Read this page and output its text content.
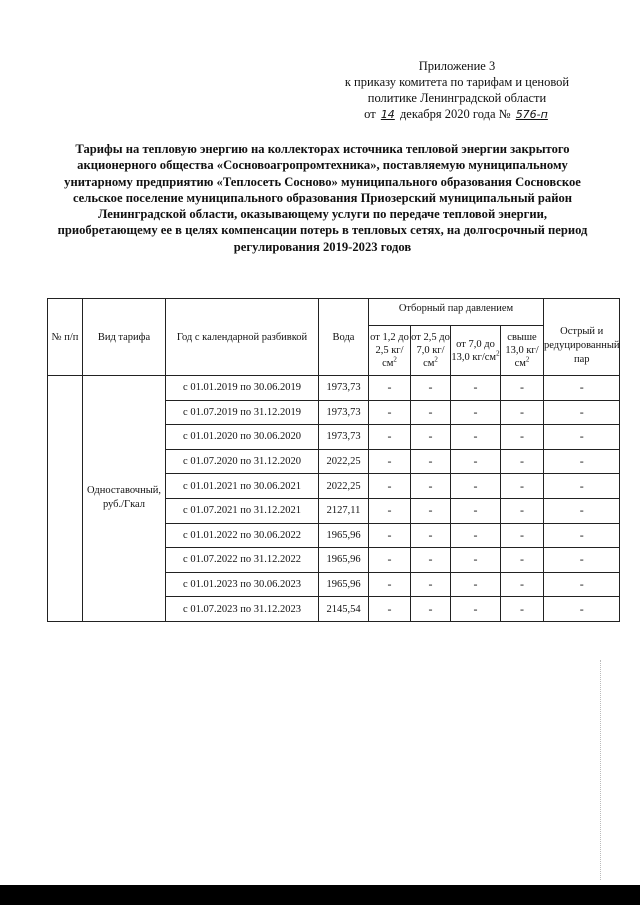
Приложение 3
к приказу комитета по тарифам и ценовой
политике Ленинградской области
от 14 декабря 2020 года № 576-п
Тарифы на тепловую энергию на коллекторах источника тепловой энергии закрытого
акционерного общества «Сосновоагропромтехника», поставляемую муниципальному
унитарному предприятию «Теплосеть Сосново» муниципального образования Сосновское
сельское поселение муниципального образования Приозерский муниципальный район
Ленинградской области, оказывающему услуги по передаче тепловой энергии,
приобретающему ее в целях компенсации потерь в тепловых сетях, на долгосрочный период
регулирования 2019-2023 годов
№ п/п	Вид тарифа	Год с календарной разбивкой	Вода	Отборный пар давлением				Острый и редуцированный пар
				от 1,2 до 2,5 $кг/см^2$	от 2,5 до 7,0 $кг/см^2$	от 7,0 до 13,0 $кг/см^2$	свыше 13,0 $кг/см^2$
	Одноставочный, руб./Гкал	с 01.01.2019 по 30.06.2019	1973,73	-	-	-	-	-
		с 01.07.2019 по 31.12.2019	1973,73	-	-	-	-	-
		с 01.01.2020 по 30.06.2020	1973,73	-	-	-	-	-
		с 01.07.2020 по 31.12.2020	2022,25	-	-	-	-	-
		с 01.01.2021 по 30.06.2021	2022,25	-	-	-	-	-
		с 01.07.2021 по 31.12.2021	2127,11	-	-	-	-	-
		с 01.01.2022 по 30.06.2022	1965,96	-	-	-	-	-
		с 01.07.2022 по 31.12.2022	1965,96	-	-	-	-	-
		с 01.01.2023 по 30.06.2023	1965,96	-	-	-	-	-
		с 01.07.2023 по 31.12.2023	2145,54	-	-	-	-	-
